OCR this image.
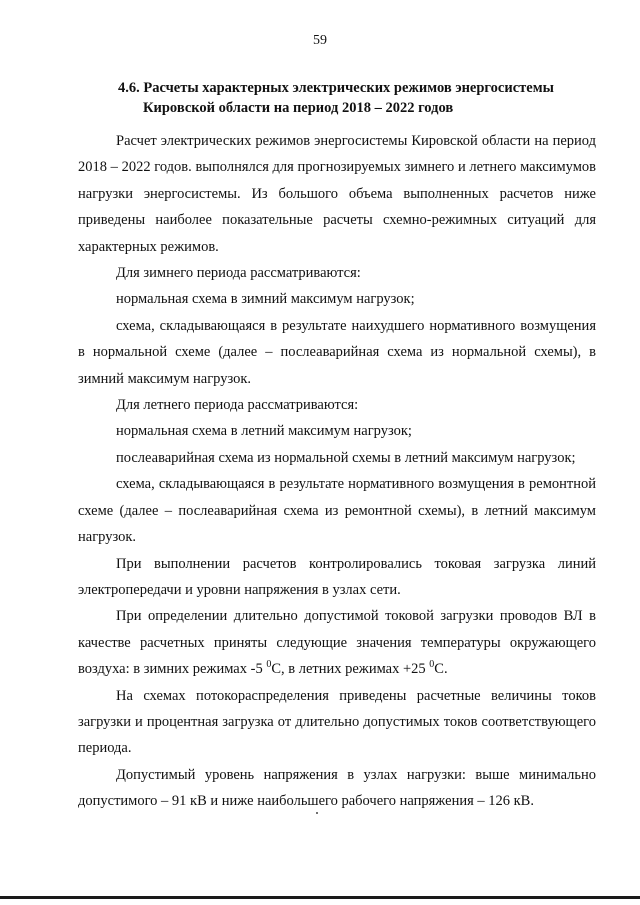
59
4.6. Расчеты характерных электрических режимов энергосистемы
Кировской области на период 2018 – 2022 годов

Расчет электрических режимов энергосистемы Кировской области на период 2018 – 2022 годов. выполнялся для прогнозируемых зимнего и летнего максимумов нагрузки энергосистемы. Из большого объема выполненных расчетов ниже приведены наиболее показательные расчеты схемно-режимных ситуаций для характерных режимов.

Для зимнего периода рассматриваются:

нормальная схема в зимний максимум нагрузок;

схема, складывающаяся в результате наихудшего нормативного возмущения в нормальной схеме (далее – послеаварийная схема из нормальной схемы), в зимний максимум нагрузок.

Для летнего периода рассматриваются:

нормальная схема в летний максимум нагрузок;

послеаварийная схема из нормальной схемы в летний максимум нагрузок;

схема, складывающаяся в результате нормативного возмущения в ремонтной схеме (далее – послеаварийная схема из ремонтной схемы), в летний максимум нагрузок.

При выполнении расчетов контролировались токовая загрузка линий электропередачи и уровни напряжения в узлах сети.

При определении длительно допустимой токовой загрузки проводов ВЛ в качестве расчетных приняты следующие значения температуры окружающего воздуха: в зимних режимах -5 $^0$С, в летних режимах +25 $^0$С.

На схемах потокораспределения приведены расчетные величины токов загрузки и процентная загрузка от длительно допустимых токов соответствующего периода.

Допустимый уровень напряжения в узлах нагрузки: выше минимально допустимого – 91 кВ и ниже наибольшего рабочего напряжения – 126 кВ.
